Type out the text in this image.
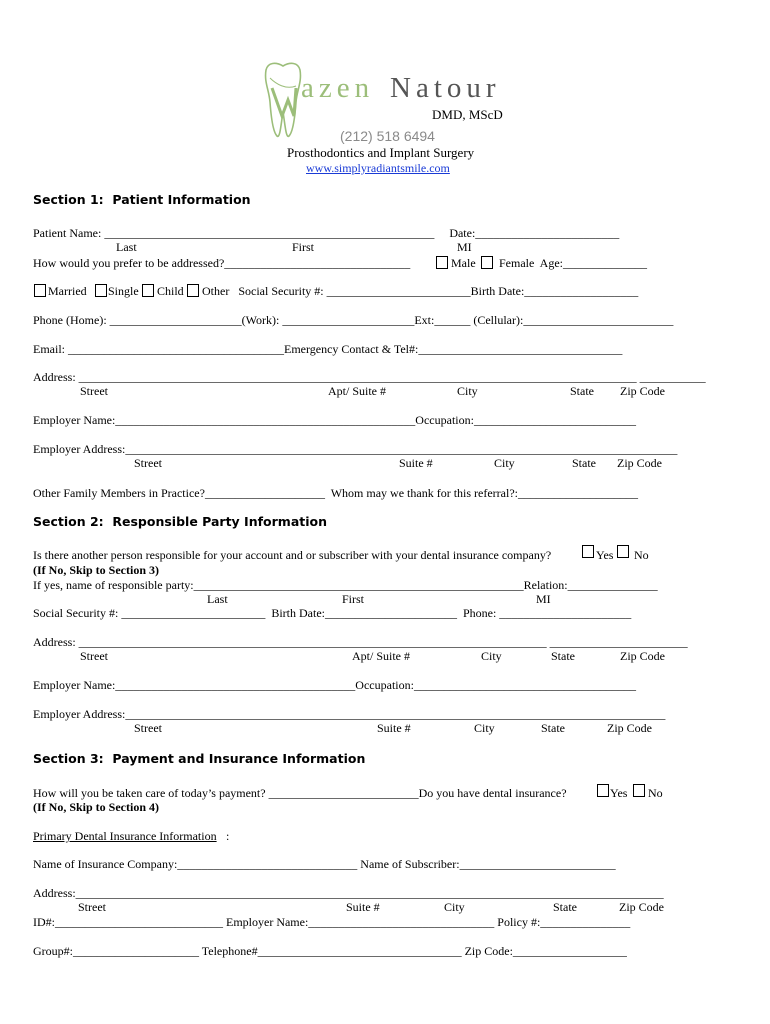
azen Natour
DMD, MScD
(212) 518 6494
Prosthodontics and Implant Surgery
www.simplyradiantsmile.com
Section 1:  Patient Information
Patient Name: _______________________________________________________     Date:________________________
Last	First	MI
How would you prefer to be addressed?_______________________________	Male Female  Age:______________
Married Single Child Other   Social Security #: ________________________Birth Date:___________________
Phone (Home): ______________________(Work): ______________________Ext:______ (Cellular):_________________________
Email: ____________________________________Emergency Contact & Tel#:__________________________________
Address: _____________________________________________________________________________________________ ___________
Street	Apt/ Suite #	City	State Zip Code
Employer Name:__________________________________________________Occupation:___________________________
Employer Address:____________________________________________________________________________________________
Street	Suite #	City	State Zip Code
Other Family Members in Practice?____________________  Whom may we thank for this referral?:____________________
Section 2:  Responsible Party Information
Is there another person responsible for your account and or subscriber with your dental insurance company?	Yes No
(If No, Skip to Section 3)
If yes, name of responsible party:_______________________________________________________Relation:_______________
Last	First	MI
Social Security #: ________________________  Birth Date:______________________  Phone: ______________________
Address: ______________________________________________________________________________ _______________________
Street	Apt/ Suite #	City	State	Zip Code
Employer Name:________________________________________Occupation:_____________________________________
Employer Address:__________________________________________________________________________________________
Street	Suite #	City	State	Zip Code
Section 3:  Payment and Insurance Information
How will you be taken care of today’s payment? _________________________Do you have dental insurance?	Yes No
(If No, Skip to Section 4)
Primary Dental Insurance Information :
Name of Insurance Company:______________________________ Name of Subscriber:__________________________
Address:__________________________________________________________________________________________________
Street	Suite #	City	State	Zip Code
ID#:____________________________ Employer Name:_______________________________ Policy #:_______________
Group#:_____________________ Telephone#__________________________________ Zip Code:___________________
